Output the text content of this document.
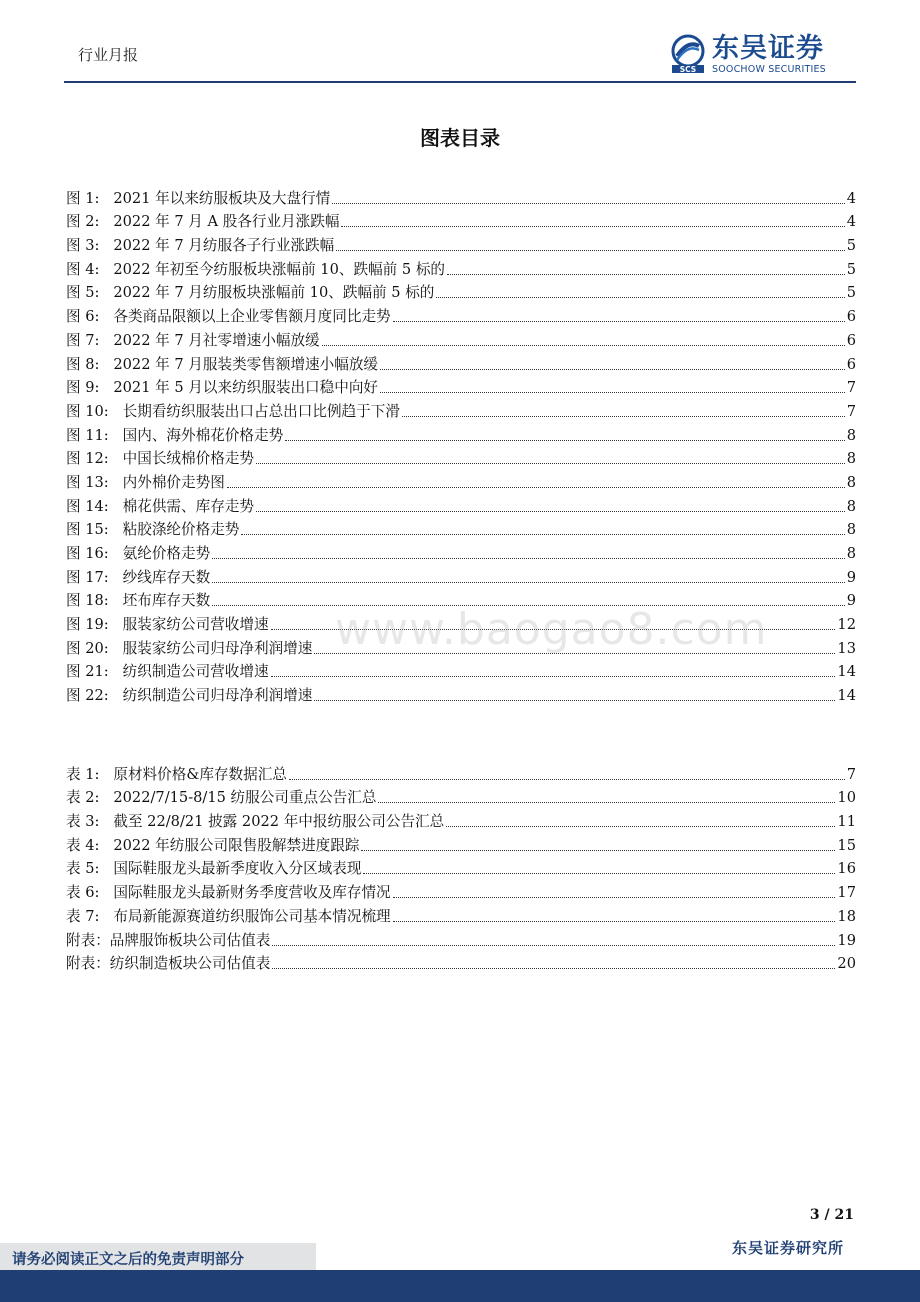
行业月报
SCS
东吴证券
SOOCHOW SECURITIES
图表目录
图 1: 2021 年以来纺服板块及大盘行情	4
图 2: 2022 年 7 月 A 股各行业月涨跌幅	4
图 3: 2022 年 7 月纺服各子行业涨跌幅	5
图 4: 2022 年初至今纺服板块涨幅前 10、跌幅前 5 标的	5
图 5: 2022 年 7 月纺服板块涨幅前 10、跌幅前 5 标的	5
图 6: 各类商品限额以上企业零售额月度同比走势	6
图 7: 2022 年 7 月社零增速小幅放缓	6
图 8: 2022 年 7 月服装类零售额增速小幅放缓	6
图 9: 2021 年 5 月以来纺织服装出口稳中向好	7
图 10: 长期看纺织服装出口占总出口比例趋于下滑	7
图 11: 国内、海外棉花价格走势	8
图 12: 中国长绒棉价格走势	8
图 13: 内外棉价走势图	8
图 14: 棉花供需、库存走势	8
图 15: 粘胶涤纶价格走势	8
图 16: 氨纶价格走势	8
图 17: 纱线库存天数	9
图 18: 坯布库存天数	9
图 19: 服装家纺公司营收增速	12
图 20: 服装家纺公司归母净利润增速	13
图 21: 纺织制造公司营收增速	14
图 22: 纺织制造公司归母净利润增速	14
表 1: 原材料价格&库存数据汇总	7
表 2: 2022/7/15-8/15 纺服公司重点公告汇总	10
表 3: 截至 22/8/21 披露 2022 年中报纺服公司公告汇总	11
表 4: 2022 年纺服公司限售股解禁进度跟踪	15
表 5: 国际鞋服龙头最新季度收入分区域表现	16
表 6: 国际鞋服龙头最新财务季度营收及库存情况	17
表 7: 布局新能源赛道纺织服饰公司基本情况梳理	18
附表： 品牌服饰板块公司估值表	19
附表： 纺织制造板块公司估值表	20
www.baogao8.com
3 / 21
请务必阅读正文之后的免责声明部分
东吴证券研究所
